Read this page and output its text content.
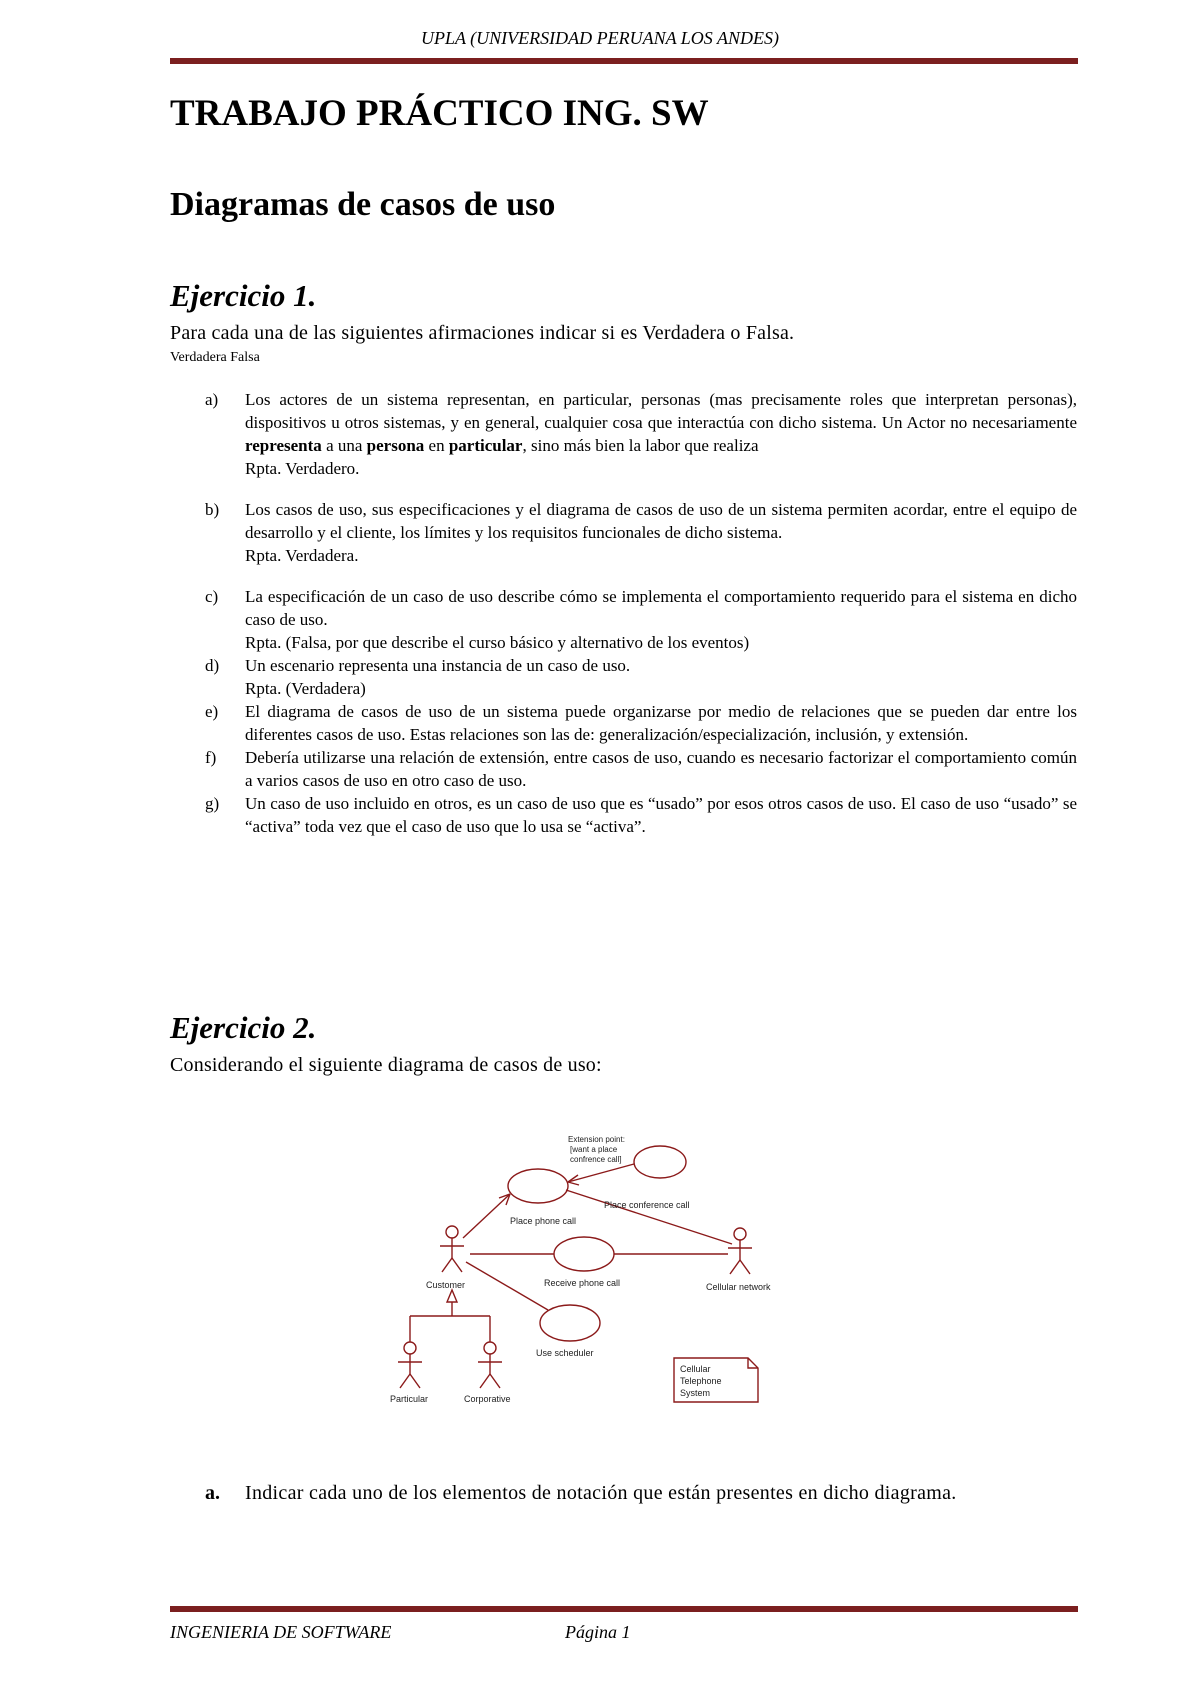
UPLA (UNIVERSIDAD PERUANA LOS ANDES)
TRABAJO PRÁCTICO ING. SW
Diagramas de casos de uso
Ejercicio 1.
Para cada una de las siguientes afirmaciones indicar si es Verdadera o Falsa.
Verdadera Falsa
a)	Los actores de un sistema representan, en particular, personas (mas precisamente roles que interpretan personas), dispositivos u otros sistemas, y en general, cualquier cosa que interactúa con dicho sistema. Un Actor no necesariamente representa a una persona en particular, sino más bien la labor que realiza
Rpta. Verdadero.
b)	Los casos de uso, sus especificaciones y el diagrama de casos de uso de un sistema permiten acordar, entre el equipo de desarrollo y el cliente, los límites y los requisitos funcionales de dicho sistema.
Rpta. Verdadera.
c)	La especificación de un caso de uso describe cómo se implementa el comportamiento requerido para el sistema en dicho caso de uso.
Rpta. (Falsa, por que describe el curso básico y alternativo de los eventos)
d)	Un escenario representa una instancia de un caso de uso.
Rpta. (Verdadera)
e)	El diagrama de casos de uso de un sistema puede organizarse por medio de relaciones que se pueden dar entre los diferentes casos de uso. Estas relaciones son las de: generalización/especialización, inclusión, y extensión.
f)	Debería utilizarse una relación de extensión, entre casos de uso, cuando es necesario factorizar el comportamiento común a varios casos de uso en otro caso de uso.
g)	Un caso de uso incluido en otros, es un caso de uso que es “usado” por esos otros casos de uso. El caso de uso “usado” se “activa” toda vez que el caso de uso que lo usa se “activa”.
Ejercicio 2.
Considerando el siguiente diagrama de casos de uso:
Extension point:
[want a place
confrence call]
Place conference call
Place phone call
Customer	Receive phone call	Cellular network
Use scheduler
Particular	Corporative
Cellular
Telephone
System
a.	Indicar cada uno de los elementos de notación que están presentes en dicho diagrama.
INGENIERIA DE SOFTWARE	Página 1
